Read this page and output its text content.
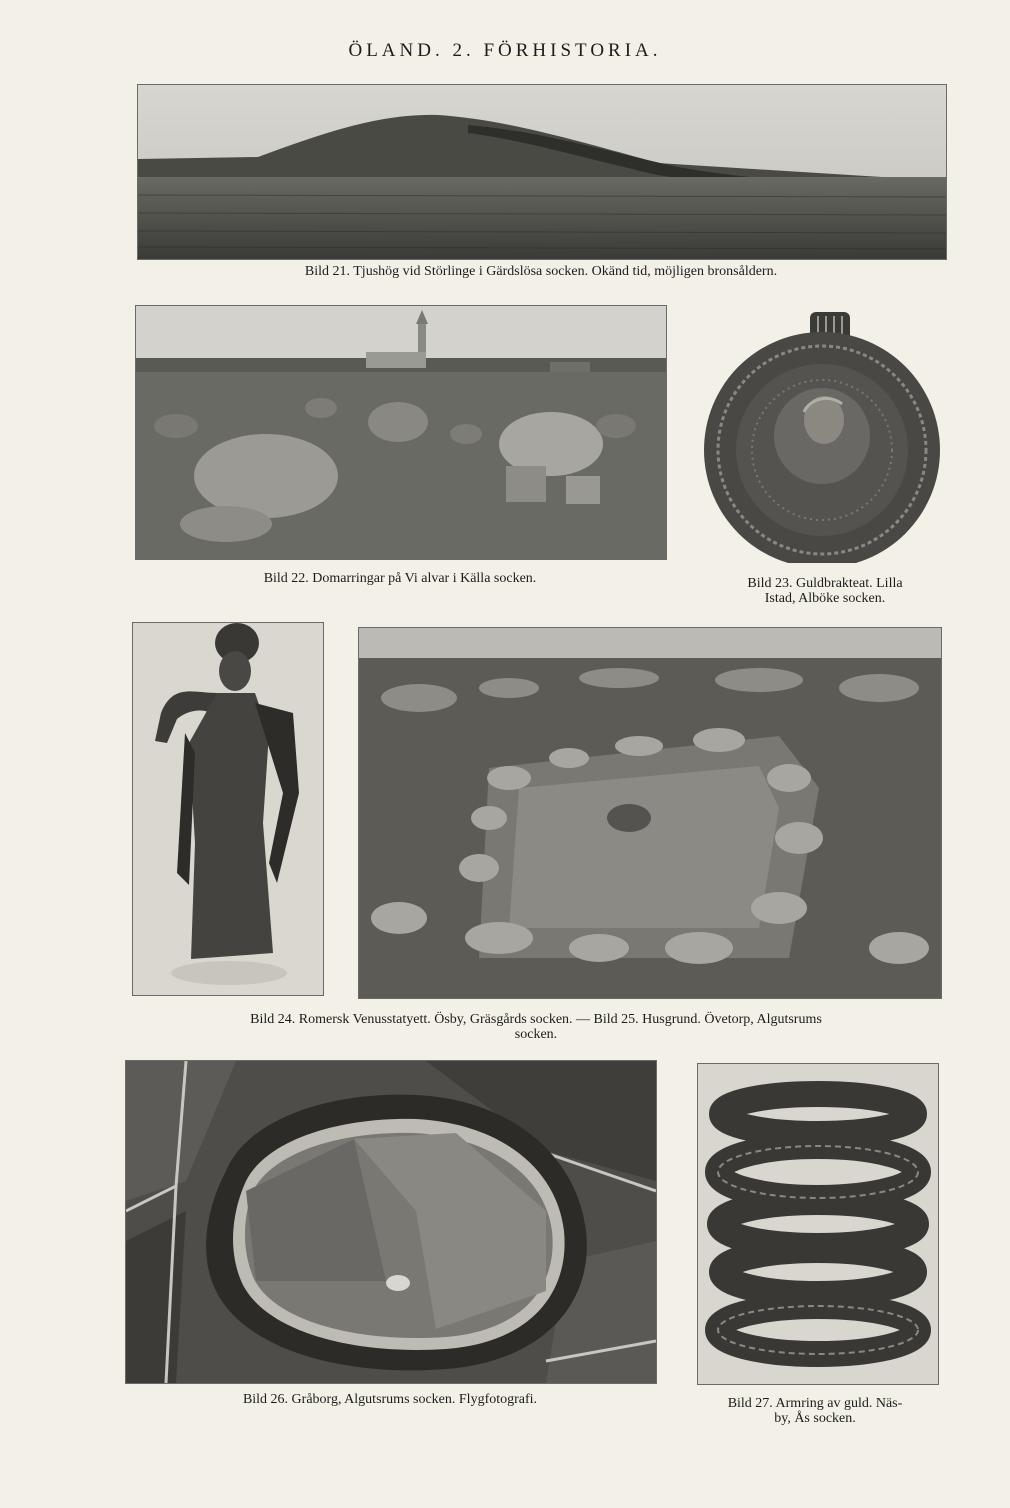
ÖLAND. 2. FÖRHISTORIA.
Bild 21. Tjushög vid Störlinge i Gärdslösa socken. Okänd tid, möjligen bronsåldern.
Bild 22. Domarringar på Vi alvar i Källa socken.	Bild 23. Guldbrakteat. Lilla
Istad, Alböke socken.
Bild 24. Romersk Venusstatyett. Ösby, Gräsgårds socken. — Bild 25. Husgrund. Övetorp, Algutsrums
socken.
Bild 26. Gråborg, Algutsrums socken. Flygfotografi.	Bild 27. Armring av guld. Näs-
by, Ås socken.
